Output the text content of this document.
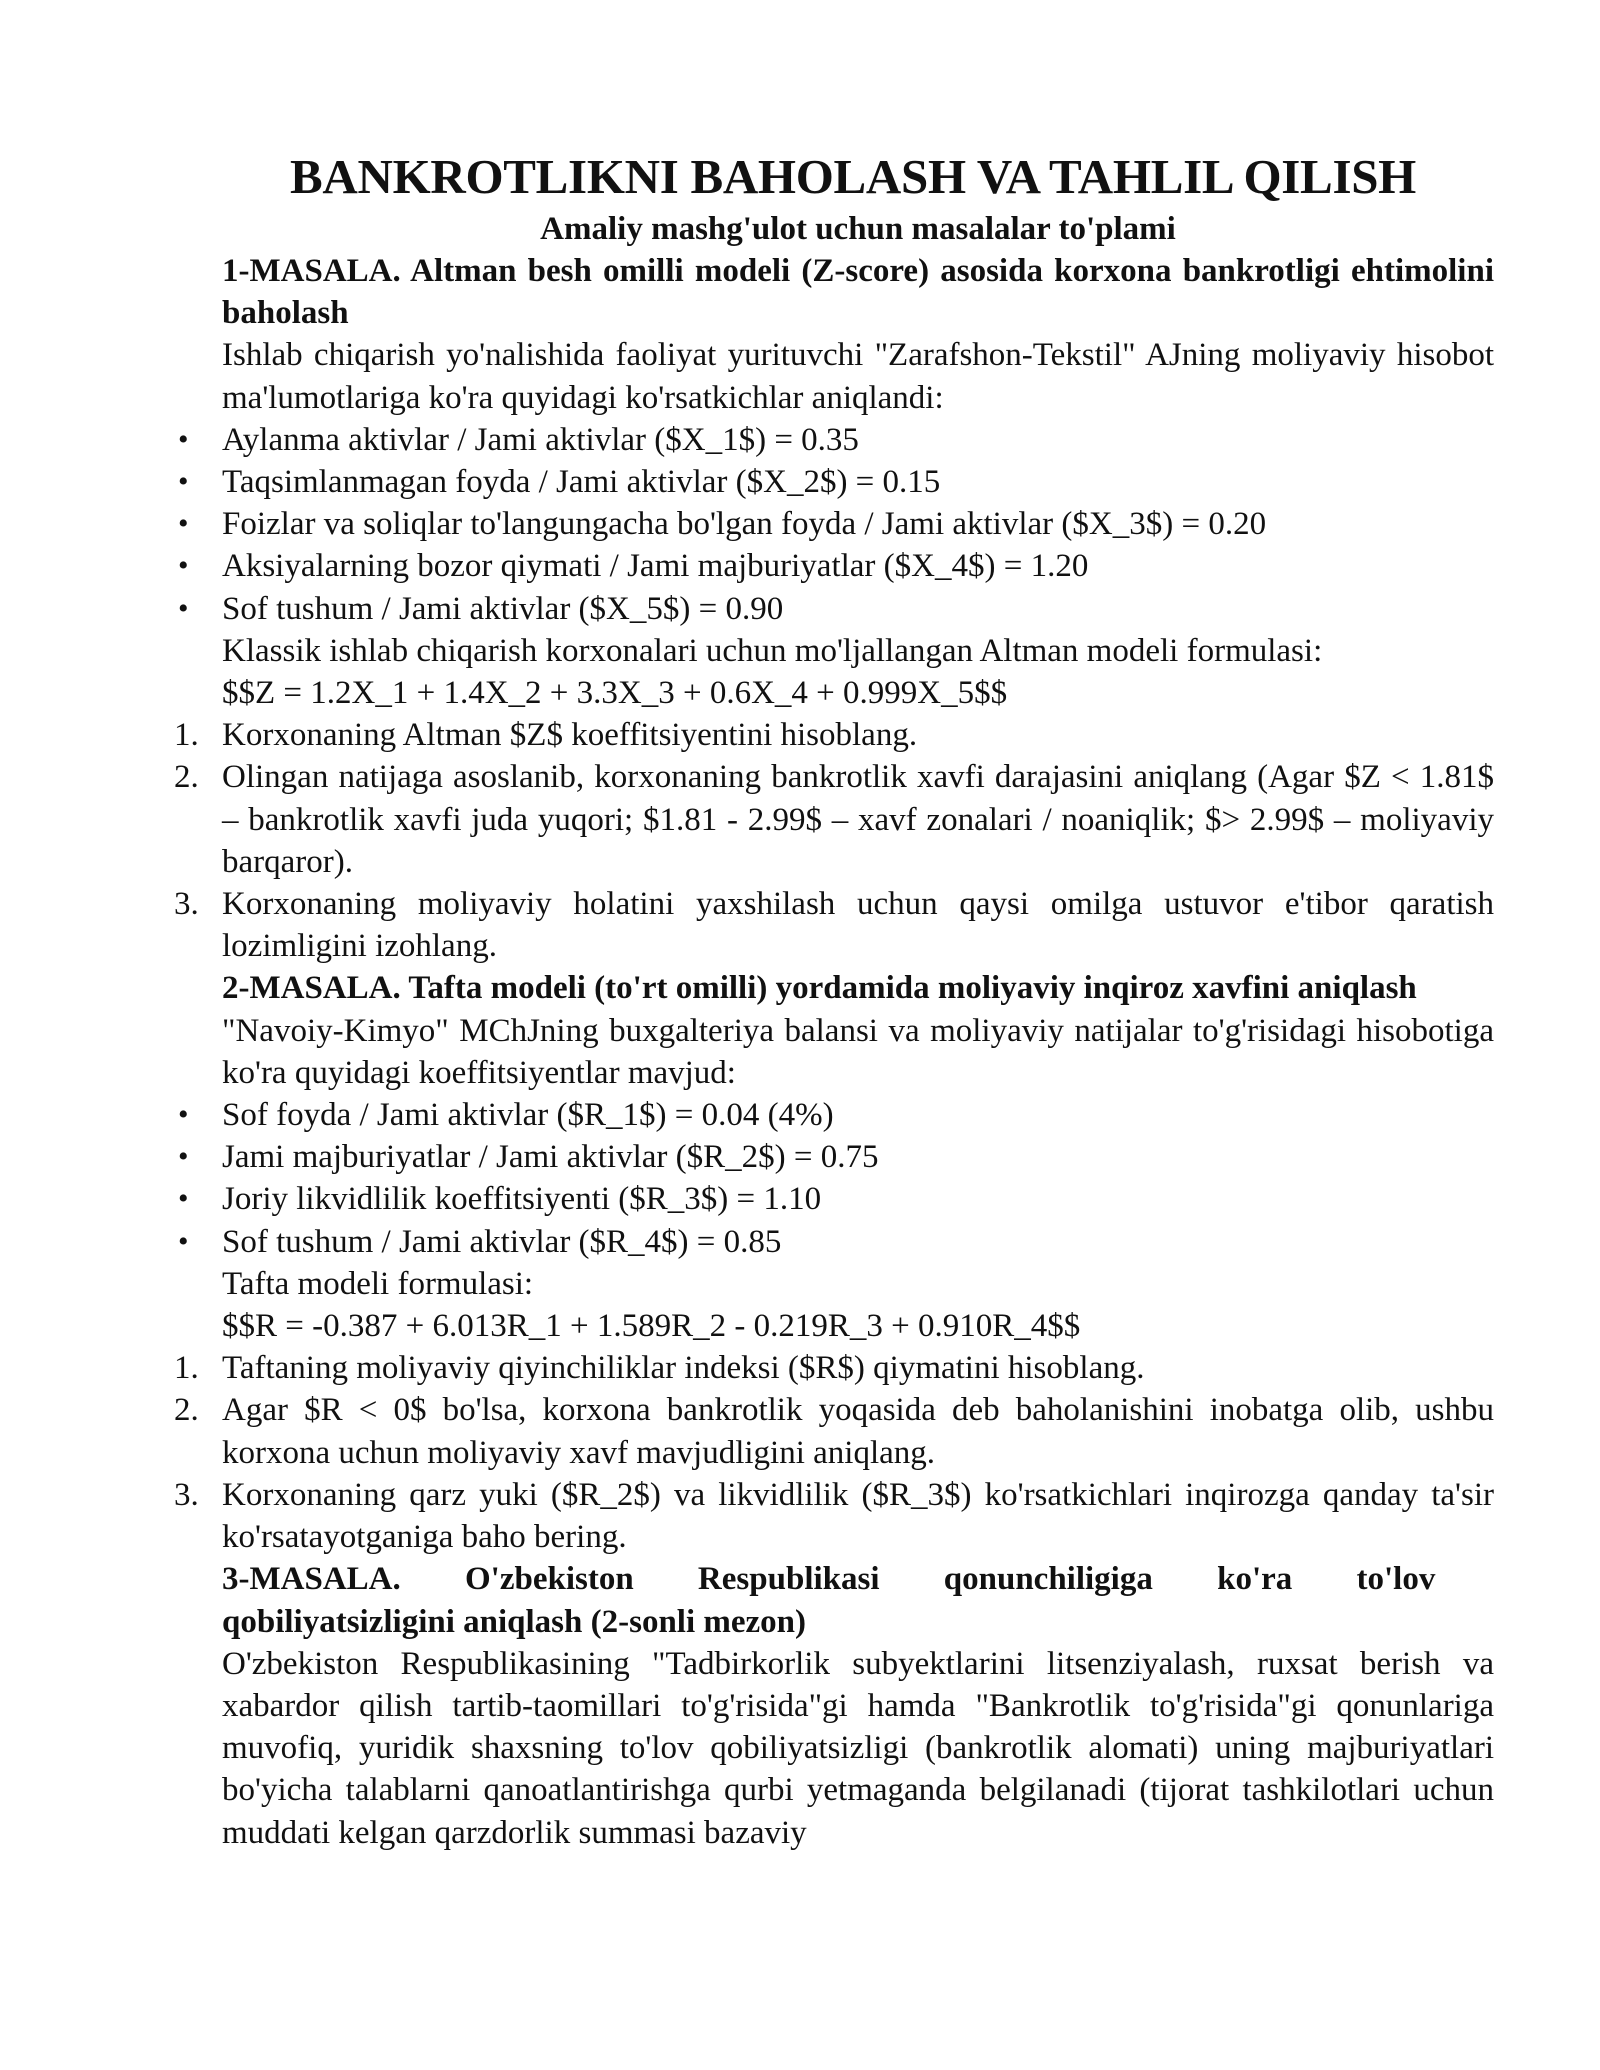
BANKROTLIKNI BAHOLASH VA TAHLIL QILISH

Amaliy mashg'ulot uchun masalalar to'plami

1-MASALA. Altman besh omilli modeli (Z-score) asosida korxona bankrotligi ehtimolini baholash

Ishlab chiqarish yo'nalishida faoliyat yurituvchi "Zarafshon-Tekstil" AJning moliyaviy hisobot ma'lumotlariga ko'ra quyidagi ko'rsatkichlar aniqlandi:

• Aylanma aktivlar / Jami aktivlar ($X_1$) = 0.35
• Taqsimlanmagan foyda / Jami aktivlar ($X_2$) = 0.15
• Foizlar va soliqlar to'langungacha bo'lgan foyda / Jami aktivlar ($X_3$) = 0.20
• Aksiyalarning bozor qiymati / Jami majburiyatlar ($X_4$) = 1.20
• Sof tushum / Jami aktivlar ($X_5$) = 0.90

Klassik ishlab chiqarish korxonalari uchun mo'ljallangan Altman modeli formulasi:

$$Z = 1.2X_1 + 1.4X_2 + 3.3X_3 + 0.6X_4 + 0.999X_5$$

1. Korxonaning Altman $Z$ koeffitsiyentini hisoblang.
2. Olingan natijaga asoslanib, korxonaning bankrotlik xavfi darajasini aniqlang (Agar $Z < 1.81$ – bankrotlik xavfi juda yuqori; $1.81 - 2.99$ – xavf zonalari / noaniqlik; $> 2.99$ – moliyaviy barqaror).
3. Korxonaning moliyaviy holatini yaxshilash uchun qaysi omilga ustuvor e'tibor qaratish lozimligini izohlang.

2-MASALA. Tafta modeli (to'rt omilli) yordamida moliyaviy inqiroz xavfini aniqlash

"Navoiy-Kimyo" MChJning buxgalteriya balansi va moliyaviy natijalar to'g'risidagi hisobotiga ko'ra quyidagi koeffitsiyentlar mavjud:

• Sof foyda / Jami aktivlar ($R_1$) = 0.04 (4%)
• Jami majburiyatlar / Jami aktivlar ($R_2$) = 0.75
• Joriy likvidlilik koeffitsiyenti ($R_3$) = 1.10
• Sof tushum / Jami aktivlar ($R_4$) = 0.85

Tafta modeli formulasi:

$$R = -0.387 + 6.013R_1 + 1.589R_2 - 0.219R_3 + 0.910R_4$$

1. Taftaning moliyaviy qiyinchiliklar indeksi ($R$) qiymatini hisoblang.
2. Agar $R < 0$ bo'lsa, korxona bankrotlik yoqasida deb baholanishini inobatga olib, ushbu korxona uchun moliyaviy xavf mavjudligini aniqlang.
3. Korxonaning qarz yuki ($R_2$) va likvidlilik ($R_3$) ko'rsatkichlari inqirozga qanday ta'sir ko'rsatayotganiga baho bering.

3-MASALA. O'zbekiston Respublikasi qonunchiligiga ko'ra to'lov

qobiliyatsizligini aniqlash (2-sonli mezon)

O'zbekiston Respublikasining "Tadbirkorlik subyektlarini litsenziyalash, ruxsat berish va xabardor qilish tartib-taomillari to'g'risida"gi hamda "Bankrotlik to'g'risida"gi qonunlariga muvofiq, yuridik shaxsning to'lov qobiliyatsizligi (bankrotlik alomati) uning majburiyatlari bo'yicha talablarni qanoatlantirishga qurbi yetmaganda belgilanadi (tijorat tashkilotlari uchun muddati kelgan qarzdorlik summasi bazaviy
